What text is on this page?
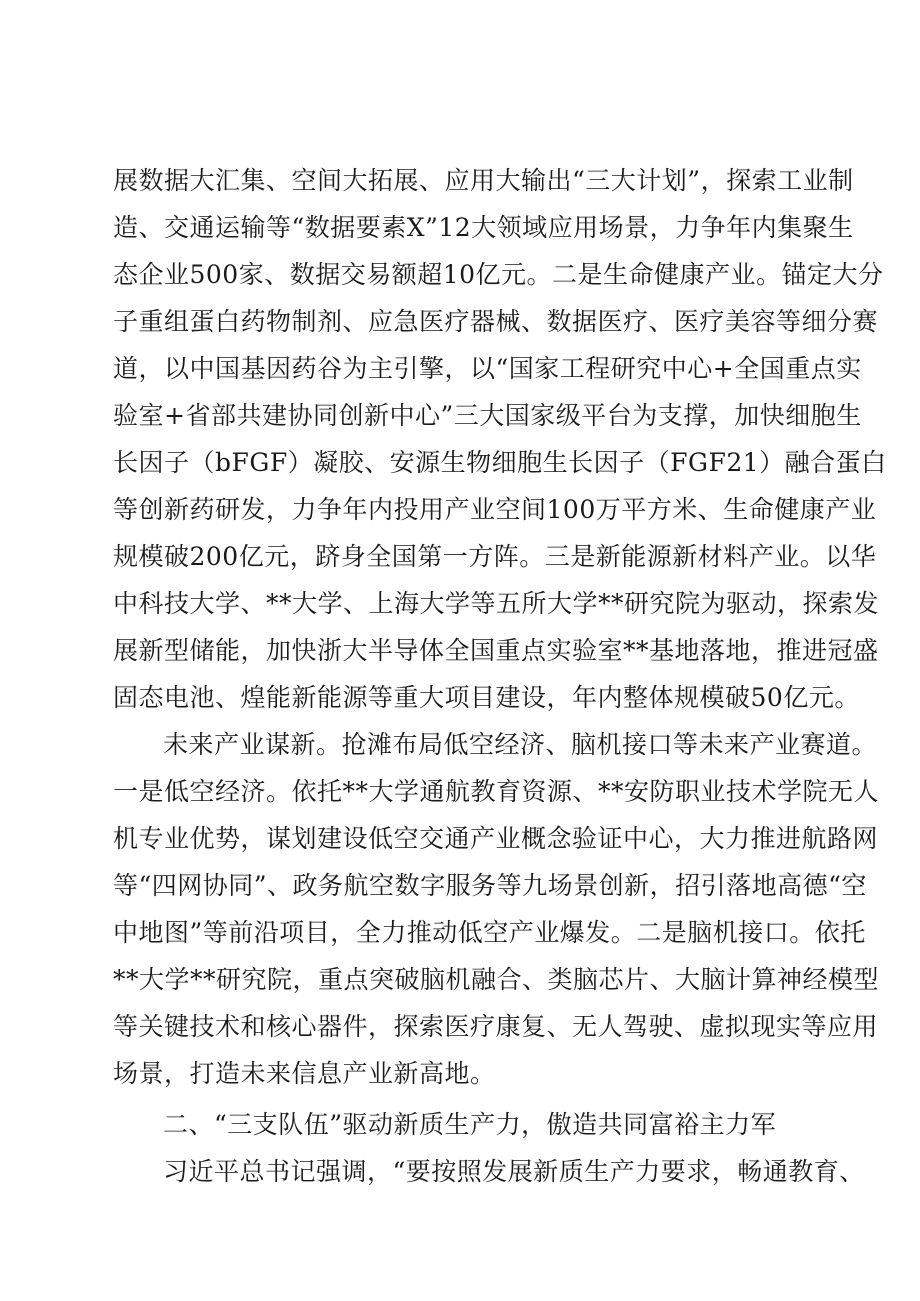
展数据大汇集、空间大拓展、应用大输出“三大计划”，探索工业制
造、交通运输等“数据要素X”12大领域应用场景，力争年内集聚生
态企业500家、数据交易额超10亿元。二是生命健康产业。锚定大分
子重组蛋白药物制剂、应急医疗器械、数据医疗、医疗美容等细分赛
道，以中国基因药谷为主引擎，以“国家工程研究中心+全国重点实
验室+省部共建协同创新中心”三大国家级平台为支撑，加快细胞生
长因子（bFGF）凝胶、安源生物细胞生长因子（FGF21）融合蛋白
等创新药研发，力争年内投用产业空间100万平方米、生命健康产业
规模破200亿元，跻身全国第一方阵。三是新能源新材料产业。以华
中科技大学、**大学、上海大学等五所大学**研究院为驱动，探索发
展新型储能，加快浙大半导体全国重点实验室**基地落地，推进冠盛
固态电池、煌能新能源等重大项目建设，年内整体规模破50亿元。
未来产业谋新。抢滩布局低空经济、脑机接口等未来产业赛道。
一是低空经济。依托**大学通航教育资源、**安防职业技术学院无人
机专业优势，谋划建设低空交通产业概念验证中心，大力推进航路网
等“四网协同”、政务航空数字服务等九场景创新，招引落地高德“空
中地图”等前沿项目，全力推动低空产业爆发。二是脑机接口。依托
**大学**研究院，重点突破脑机融合、类脑芯片、大脑计算神经模型
等关键技术和核心器件，探索医疗康复、无人驾驶、虚拟现实等应用
场景，打造未来信息产业新高地。
二、“三支队伍”驱动新质生产力，傲造共同富裕主力军
习近平总书记强调，“要按照发展新质生产力要求，畅通教育、
